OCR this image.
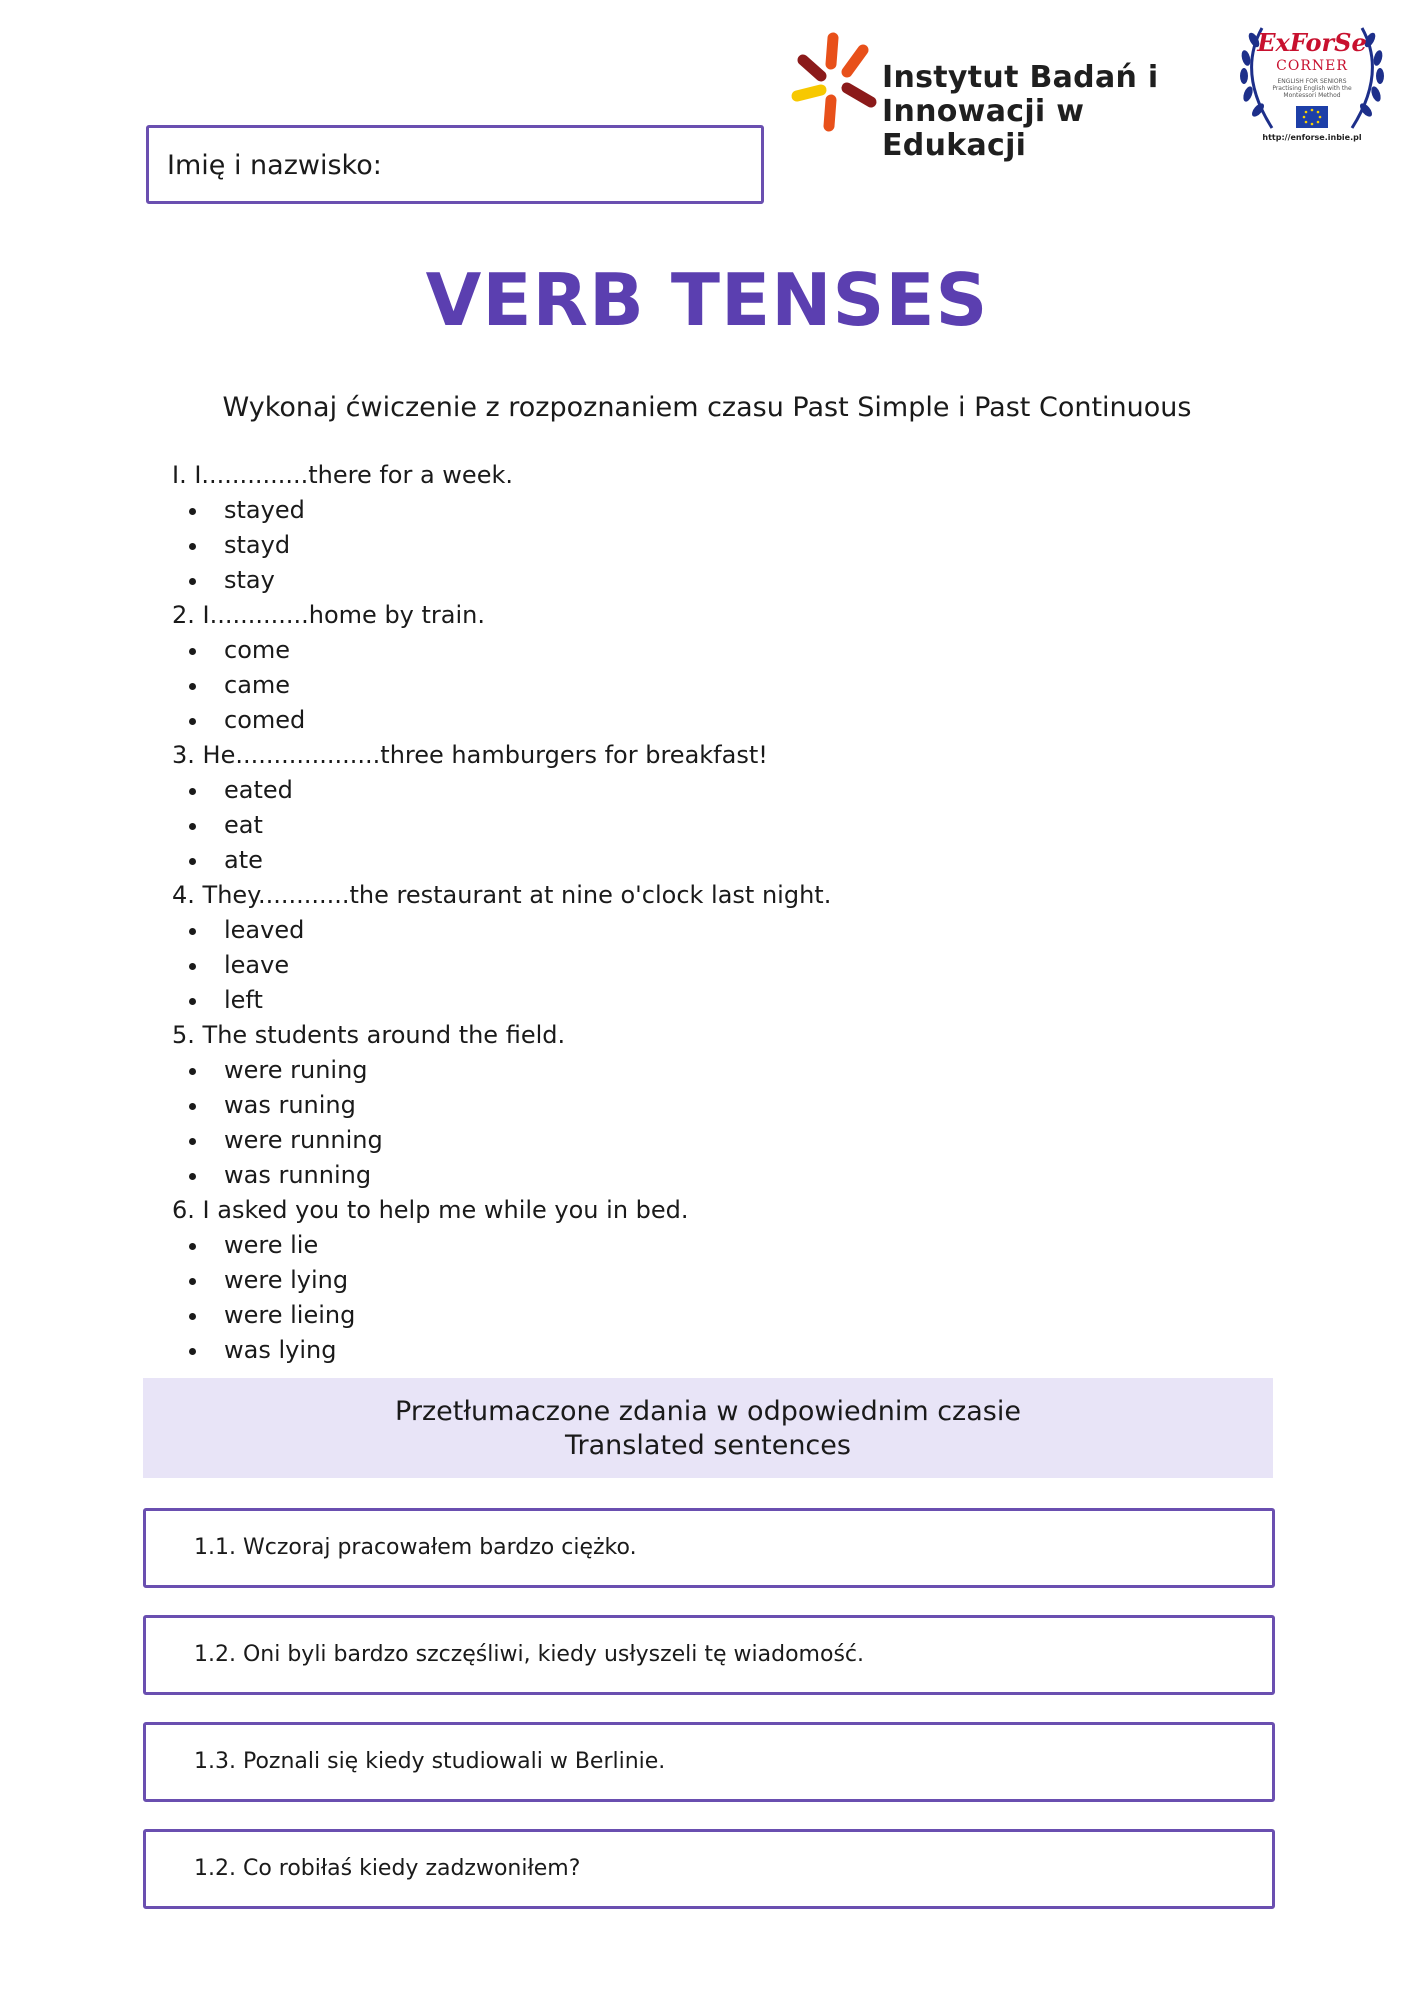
Instytut Badań i
Innowacji w Edukacji
ExForSe
CORNER
ENGLISH FOR SENIORS Practising English with the Montessori Method
http://enforse.inbie.pl
Imię i nazwisko:
VERB TENSES
Wykonaj ćwiczenie z rozpoznaniem czasu Past Simple i Past Continuous
I. I..............there for a week.
stayed
stayd
stay
2. I.............home by train.
come
came
comed
3. He...................three hamburgers for breakfast!
eated
eat
ate
4. They............the restaurant at nine o'clock last night.
leaved
leave
left
5. The students around the field.
were runing
was runing
were running
was running
6. I asked you to help me while you in bed.
were lie
were lying
were lieing
was lying
Przetłumaczone zdania w odpowiednim czasie
Translated sentences
1.1. Wczoraj pracowałem bardzo ciężko.
1.2. Oni byli bardzo szczęśliwi, kiedy usłyszeli tę wiadomość.
1.3. Poznali się kiedy studiowali w Berlinie.
1.2. Co robiłaś kiedy zadzwoniłem?
